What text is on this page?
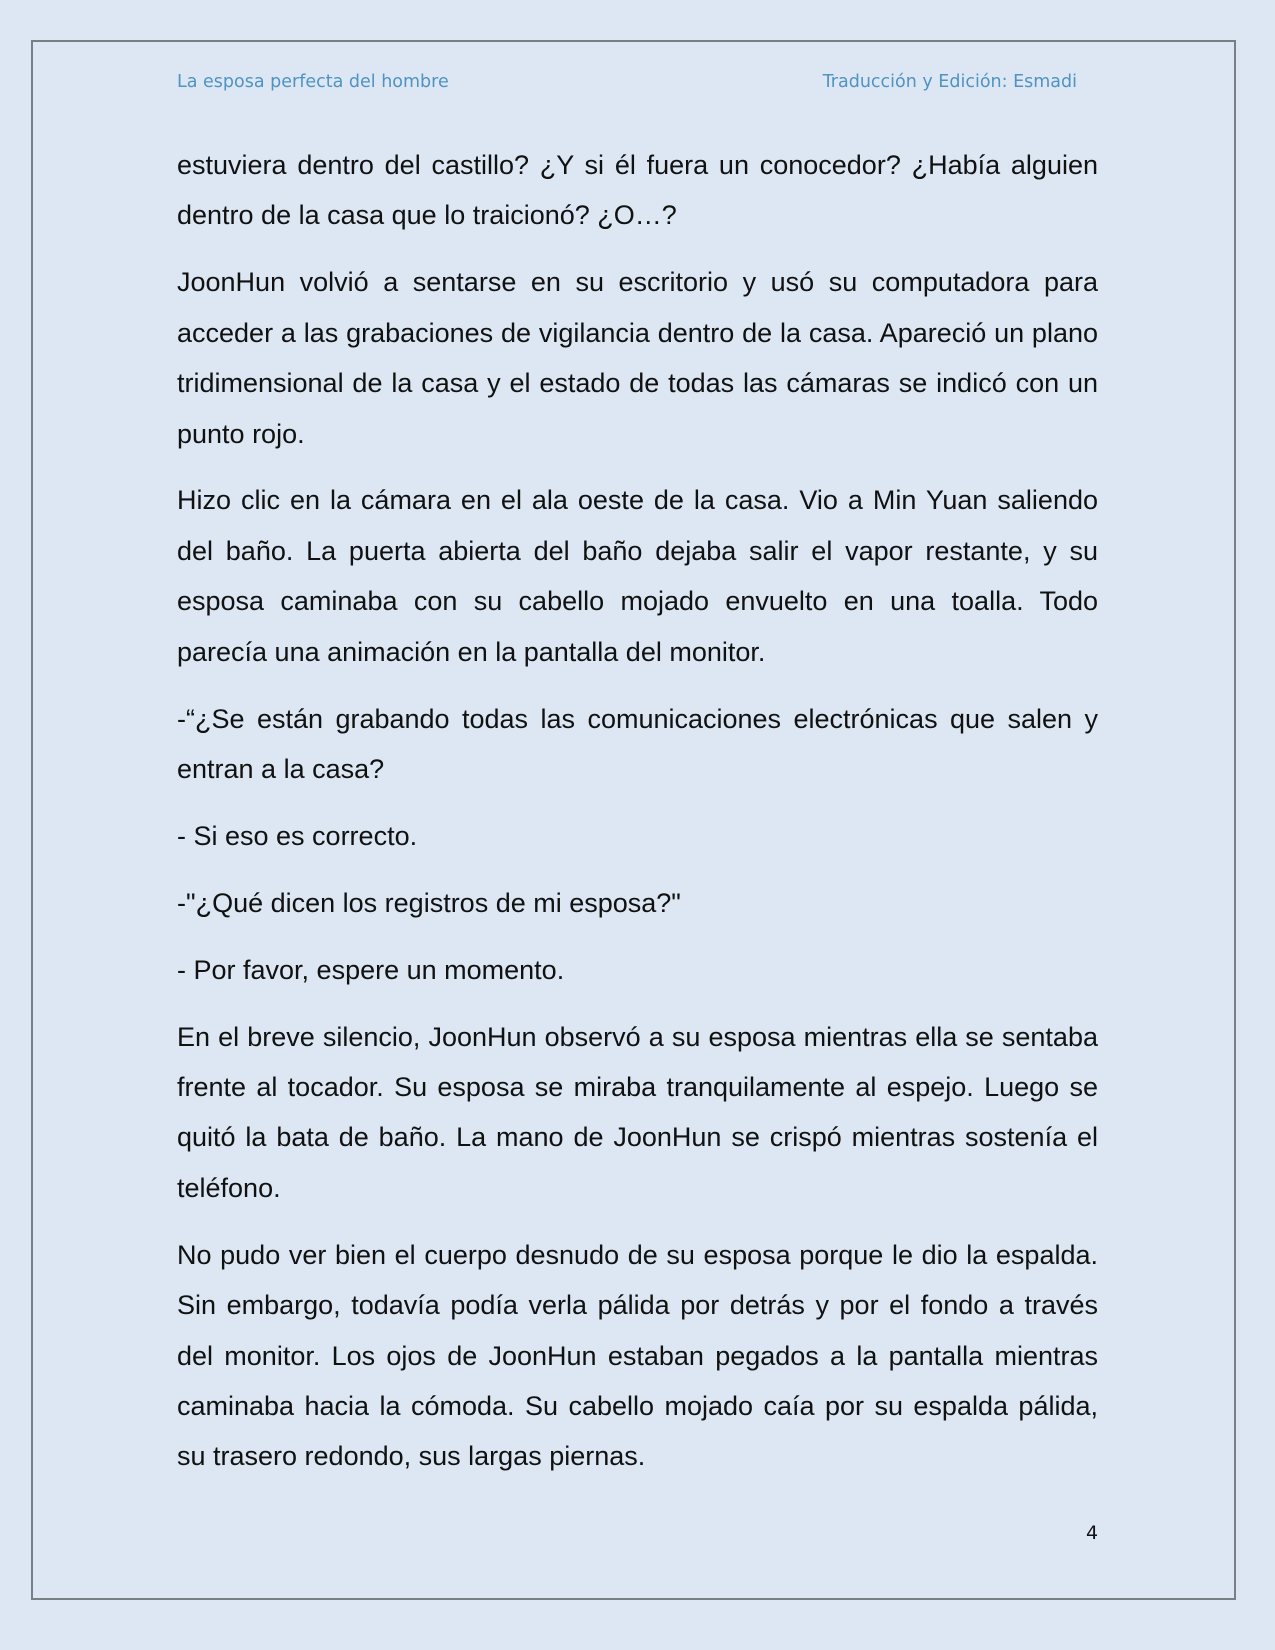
La esposa perfecta del hombre	Traducción y Edición: Esmadi

estuviera dentro del castillo? ¿Y si él fuera un conocedor? ¿Había alguien dentro de la casa que lo traicionó? ¿O…?

JoonHun volvió a sentarse en su escritorio y usó su computadora para acceder a las grabaciones de vigilancia dentro de la casa. Apareció un plano tridimensional de la casa y el estado de todas las cámaras se indicó con un punto rojo.

Hizo clic en la cámara en el ala oeste de la casa. Vio a Min Yuan saliendo del baño. La puerta abierta del baño dejaba salir el vapor restante, y su esposa caminaba con su cabello mojado envuelto en una toalla. Todo parecía una animación en la pantalla del monitor.

-“¿Se están grabando todas las comunicaciones electrónicas que salen y entran a la casa?

- Si eso es correcto.

-"¿Qué dicen los registros de mi esposa?"

- Por favor, espere un momento.

En el breve silencio, JoonHun observó a su esposa mientras ella se sentaba frente al tocador. Su esposa se miraba tranquilamente al espejo. Luego se quitó la bata de baño. La mano de JoonHun se crispó mientras sostenía el teléfono.

No pudo ver bien el cuerpo desnudo de su esposa porque le dio la espalda. Sin embargo, todavía podía verla pálida por detrás y por el fondo a través del monitor. Los ojos de JoonHun estaban pegados a la pantalla mientras caminaba hacia la cómoda. Su cabello mojado caía por su espalda pálida, su trasero redondo, sus largas piernas.

4
